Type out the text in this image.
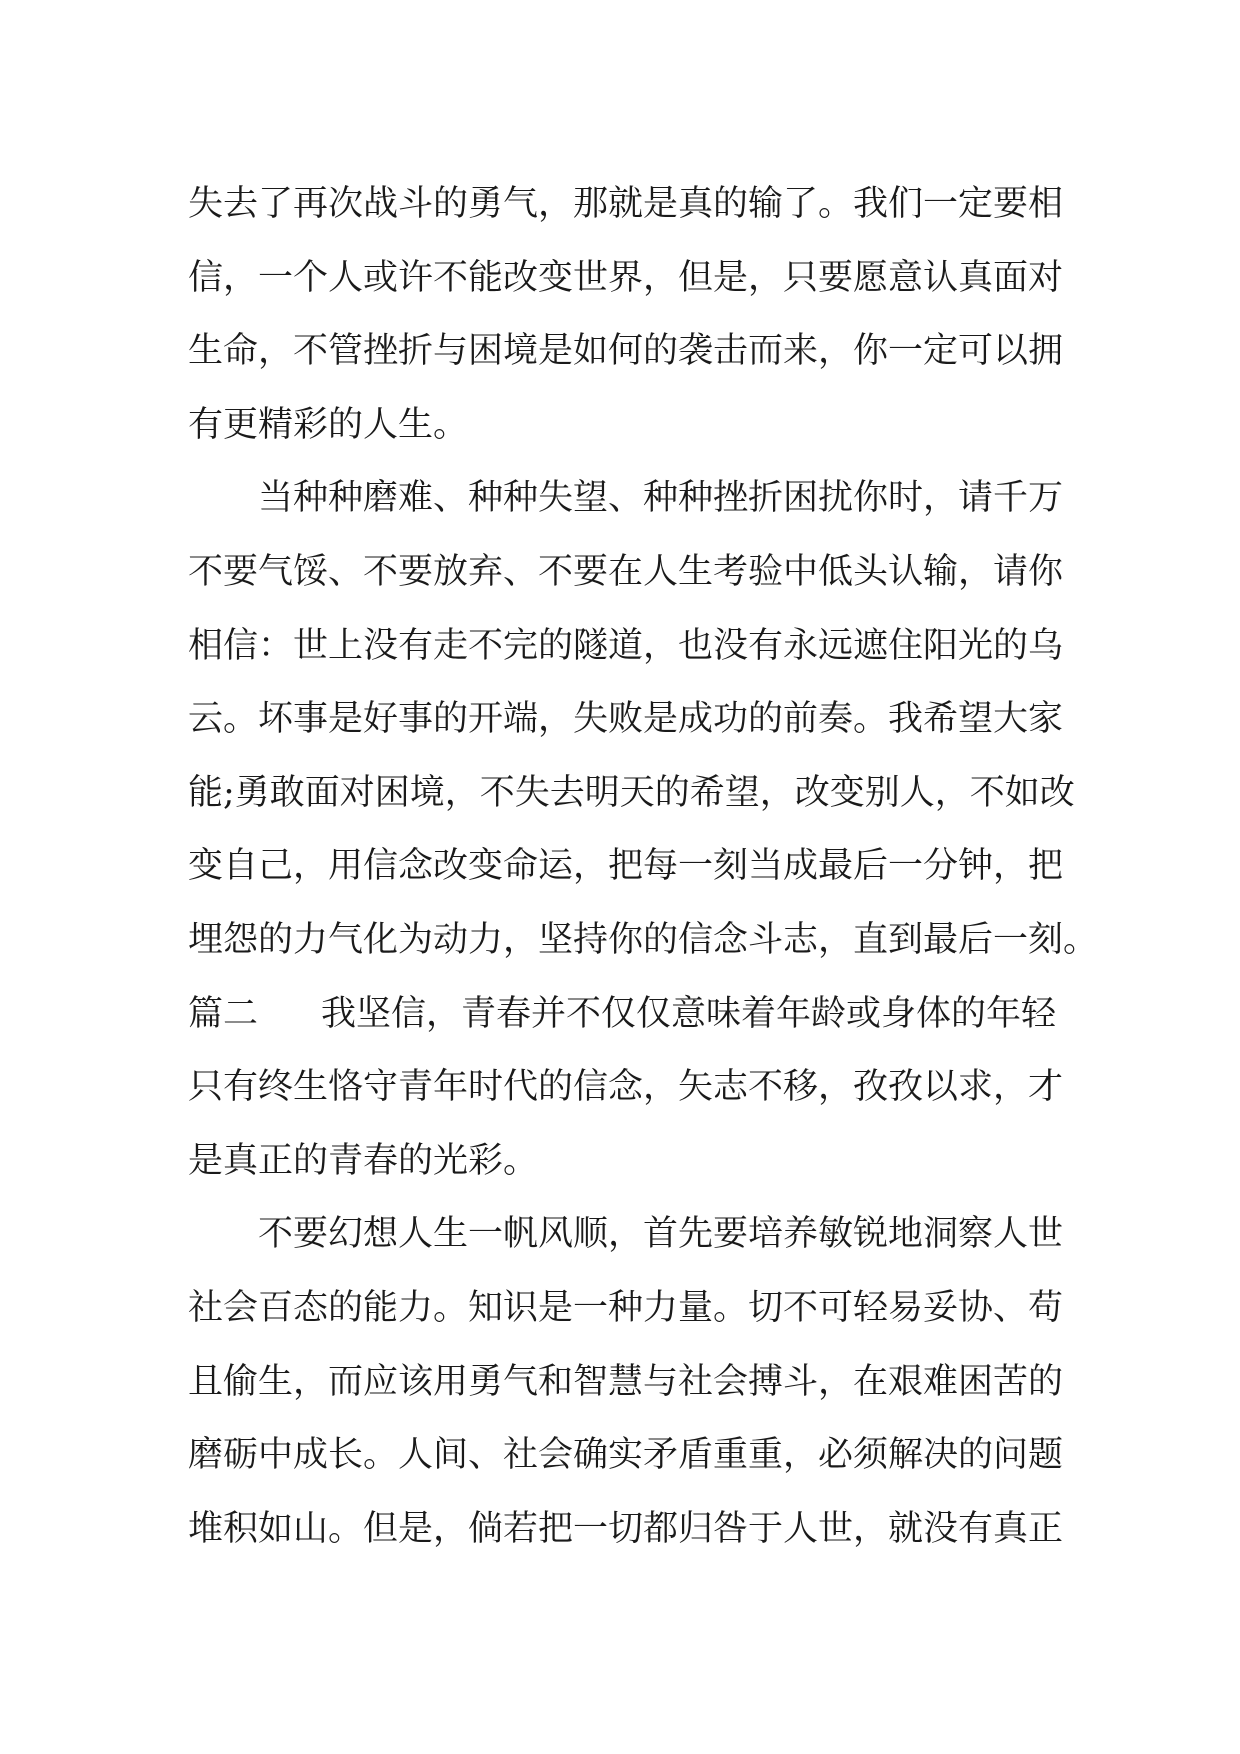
失去了再次战斗的勇气，那就是真的输了。我们一定要相
信，一个人或许不能改变世界，但是，只要愿意认真面对
生命，不管挫折与困境是如何的袭击而来，你一定可以拥
有更精彩的人生。
当种种磨难、种种失望、种种挫折困扰你时，请千万
不要气馁、不要放弃、不要在人生考验中低头认输，请你
相信：世上没有走不完的隧道，也没有永远遮住阳光的乌
云。坏事是好事的开端，失败是成功的前奏。我希望大家
能;勇敢面对困境，不失去明天的希望，改变别人，不如改
变自己，用信念改变命运，把每一刻当成最后一分钟，把
埋怨的力气化为动力，坚持你的信念斗志，直到最后一刻。
篇二	我坚信，青春并不仅仅意味着年龄或身体的年轻
只有终生恪守青年时代的信念，矢志不移，孜孜以求，才
是真正的青春的光彩。
不要幻想人生一帆风顺，首先要培养敏锐地洞察人世
社会百态的能力。知识是一种力量。切不可轻易妥协、苟
且偷生，而应该用勇气和智慧与社会搏斗，在艰难困苦的
磨砺中成长。人间、社会确实矛盾重重，必须解决的问题
堆积如山。但是，倘若把一切都归咎于人世，就没有真正
